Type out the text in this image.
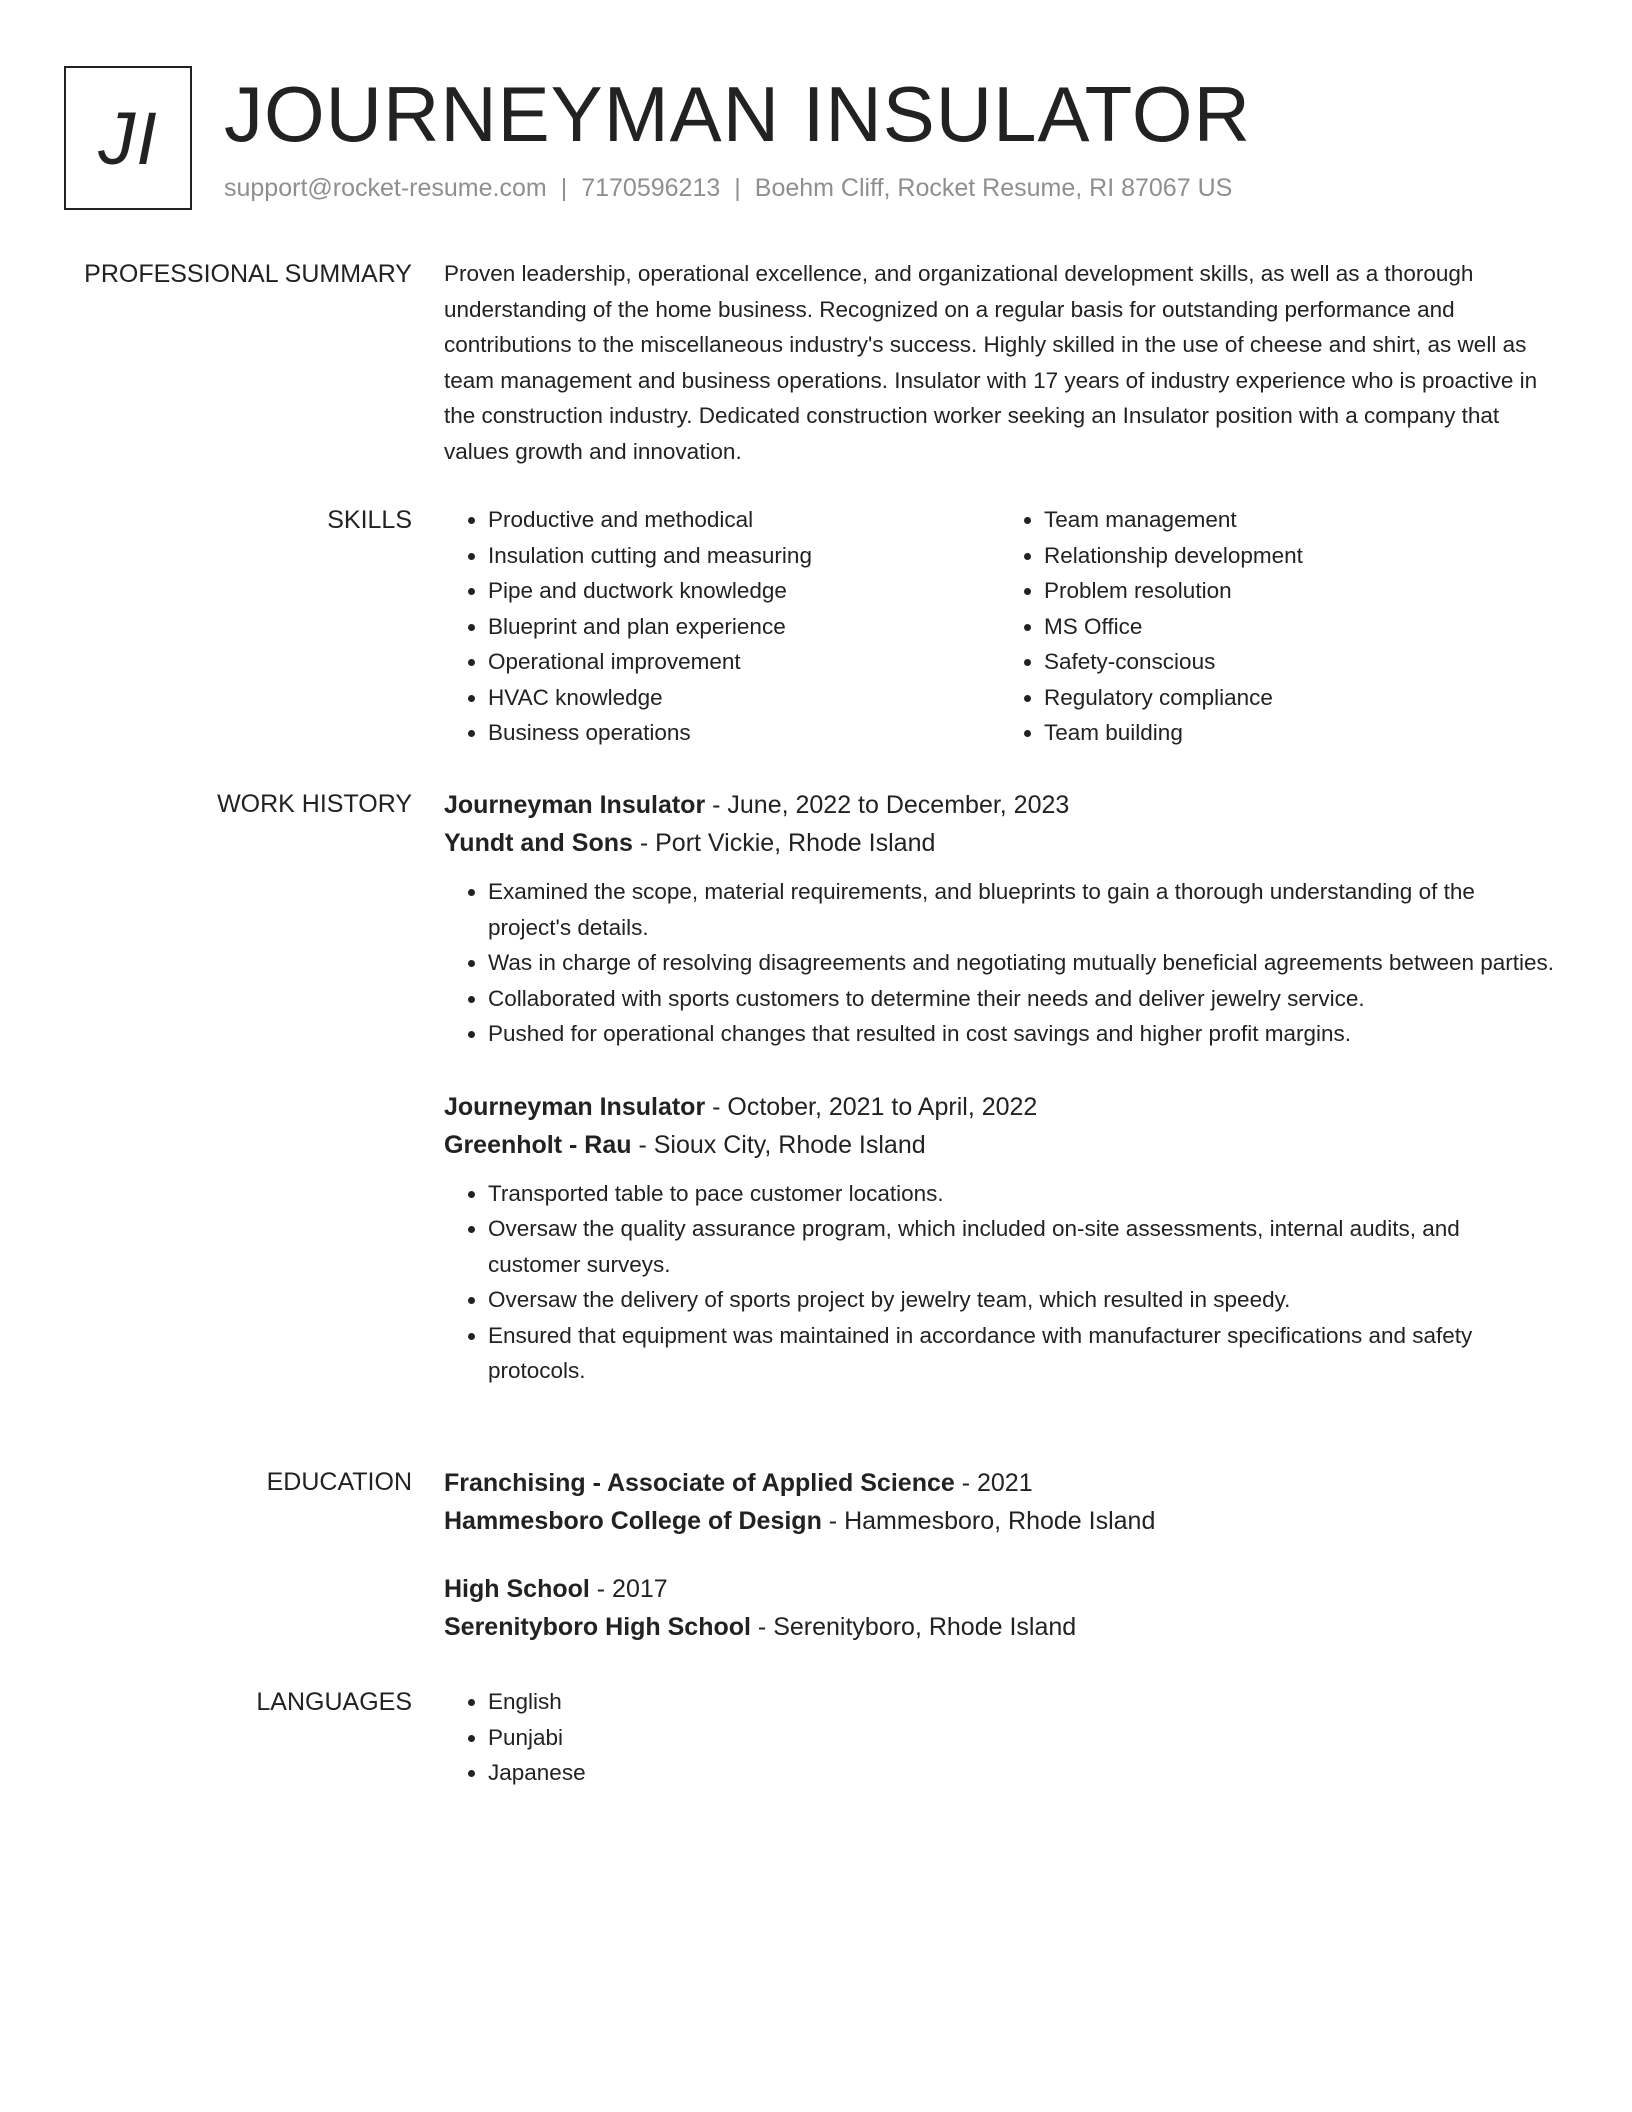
JI JOURNEYMAN INSULATOR
support@rocket-resume.com | 7170596213 | Boehm Cliff, Rocket Resume, RI 87067 US
PROFESSIONAL SUMMARY Proven leadership, operational excellence, and organizational development skills, as well as a thorough understanding of the home business. Recognized on a regular basis for outstanding performance and contributions to the miscellaneous industry's success. Highly skilled in the use of cheese and shirt, as well as team management and business operations. Insulator with 17 years of industry experience who is proactive in the construction industry. Dedicated construction worker seeking an Insulator position with a company that values growth and innovation.

SKILLS	• Productive and methodical
• Insulation cutting and measuring
• Pipe and ductwork knowledge
• Blueprint and plan experience
• Operational improvement
• HVAC knowledge
• Business operations
• Team management
• Relationship development
• Problem resolution
• MS Office
• Safety-conscious
• Regulatory compliance
• Team building
WORK HISTORY Journeyman Insulator - June, 2022 to December, 2023
Yundt and Sons - Port Vickie, Rhode Island
• Examined the scope, material requirements, and blueprints to gain a thorough understanding of the project's details.
• Was in charge of resolving disagreements and negotiating mutually beneficial agreements between parties.
• Collaborated with sports customers to determine their needs and deliver jewelry service.
• Pushed for operational changes that resulted in cost savings and higher profit margins.
Journeyman Insulator - October, 2021 to April, 2022
Greenholt - Rau - Sioux City, Rhode Island
• Transported table to pace customer locations.
• Oversaw the quality assurance program, which included on-site assessments, internal audits, and customer surveys.
• Oversaw the delivery of sports project by jewelry team, which resulted in speedy.
• Ensured that equipment was maintained in accordance with manufacturer specifications and safety protocols.
EDUCATION Franchising - Associate of Applied Science - 2021
Hammesboro College of Design - Hammesboro, Rhode Island
High School - 2017
Serenityboro High School - Serenityboro, Rhode Island
LANGUAGES	• English
• Punjabi
• Japanese
